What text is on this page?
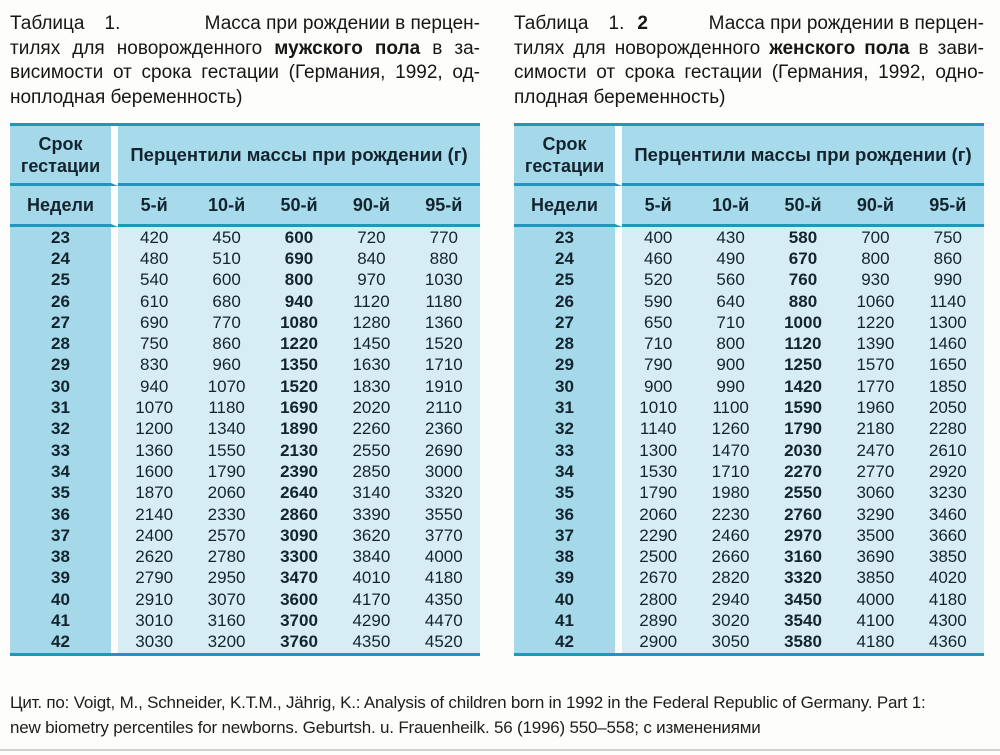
Таблица 1.	Масса при рождении в перцен-
тилях для новорожденного мужского пола в за-
висимости от срока гестации (Германия, 1992, од-
ноплодная беременность)
Срок
гестации
Перцентили массы при рождении (г)
Недели	5-й	10-й	50-й	90-й	95-й
23	420	450	600	720	770
24	480	510	690	840	880
25	540	600	800	970	1030
26	610	680	940	1120	1180
27	690	770	1080	1280	1360
28	750	860	1220	1450	1520
29	830	960	1350	1630	1710
30	940	1070	1520	1830	1910
31	1070	1180	1690	2020	2110
32	1200	1340	1890	2260	2360
33	1360	1550	2130	2550	2690
34	1600	1790	2390	2850	3000
35	1870	2060	2640	3140	3320
36	2140	2330	2860	3390	3550
37	2400	2570	3090	3620	3770
38	2620	2780	3300	3840	4000
39	2790	2950	3470	4010	4180
40	2910	3070	3600	4170	4350
41	3010	3160	3700	4290	4470
42	3030	3200	3760	4350	4520
Таблица 1. 2	Масса при рождении в перцен-
тилях для новорожденного женского пола в зави-
симости от срока гестации (Германия, 1992, одно-
плодная беременность)
Срок
гестации
Перцентили массы при рождении (г)
Недели	5-й	10-й	50-й	90-й	95-й
23	400	430	580	700	750
24	460	490	670	800	860
25	520	560	760	930	990
26	590	640	880	1060	1140
27	650	710	1000	1220	1300
28	710	800	1120	1390	1460
29	790	900	1250	1570	1650
30	900	990	1420	1770	1850
31	1010	1100	1590	1960	2050
32	1140	1260	1790	2180	2280
33	1300	1470	2030	2470	2610
34	1530	1710	2270	2770	2920
35	1790	1980	2550	3060	3230
36	2060	2230	2760	3290	3460
37	2290	2460	2970	3500	3660
38	2500	2660	3160	3690	3850
39	2670	2820	3320	3850	4020
40	2800	2940	3450	4000	4180
41	2890	3020	3540	4100	4300
42	2900	3050	3580	4180	4360
Цит. по: Voigt, M., Schneider, K.T.M., Jährig, K.: Analysis of children born in 1992 in the Federal Republic of Germany. Part 1:
new biometry percentiles for newborns. Geburtsh. u. Frauenheilk. 56 (1996) 550–558; с изменениями
